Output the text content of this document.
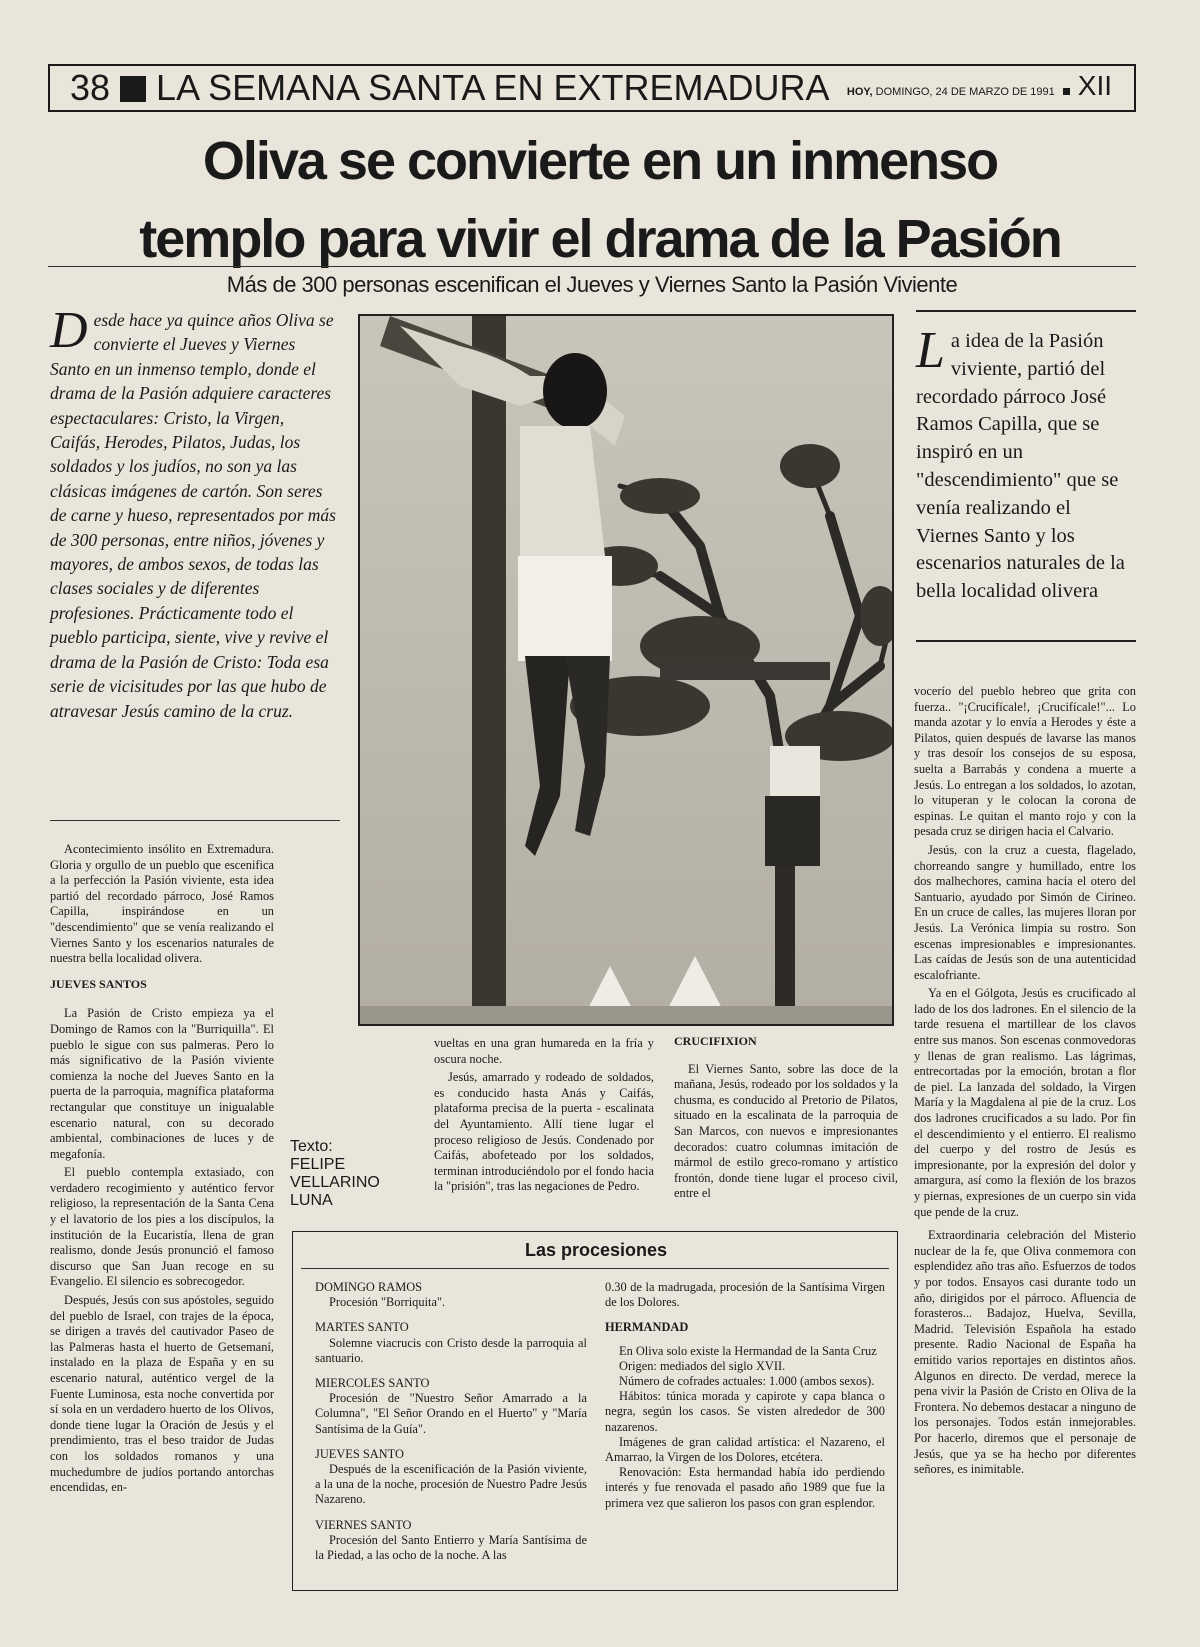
38 LA SEMANA SANTA EN EXTREMADURA HOY, DOMINGO, 24 DE MARZO DE 1991 XII
Oliva se convierte en un inmenso
templo para vivir el drama de la Pasión
Más de 300 personas escenifican el Jueves y Viernes Santo la Pasión Viviente
Desde hace ya quince años Oliva se convierte el Jueves y Viernes Santo en un inmenso templo, donde el drama de la Pasión adquiere caracteres espectaculares: Cristo, la Virgen, Caifás, Herodes, Pilatos, Judas, los soldados y los judíos, no son ya las clásicas imágenes de cartón. Son seres de carne y hueso, representados por más de 300 personas, entre niños, jóvenes y mayores, de ambos sexos, de todas las clases sociales y de diferentes profesiones. Prácticamente todo el pueblo participa, siente, vive y revive el drama de la Pasión de Cristo: Toda esa serie de vicisitudes por las que hubo de atravesar Jesús camino de la cruz.
La idea de la Pasión viviente, partió del recordado párroco José Ramos Capilla, que se inspiró en un "descendimiento" que se venía realizando el Viernes Santo y los escenarios naturales de la bella localidad olivera

Acontecimiento insólito en Extremadura. Gloria y orgullo de un pueblo que escenifica a la perfección la Pasión viviente, esta idea partió del recordado párroco, José Ramos Capilla, inspirándose en un "descendimiento" que se venía realizando el Viernes Santo y los escenarios naturales de nuestra bella localidad olivera.

JUEVES SANTOS

La Pasión de Cristo empieza ya el Domingo de Ramos con la "Burriquilla". El pueblo le sigue con sus palmeras. Pero lo más significativo de la Pasión viviente comienza la noche del Jueves Santo en la puerta de la parroquia, magnífica plataforma rectangular que constituye un inigualable escenario natural, con su decorado ambiental, combinaciones de luces y de megafonía.

El pueblo contempla extasiado, con verdadero recogimiento y auténtico fervor religioso, la representación de la Santa Cena y el lavatorio de los pies a los discípulos, la institución de la Eucaristía, llena de gran realismo, donde Jesús pronunció el famoso discurso que San Juan recoge en su Evangelio. El silencio es sobrecogedor.

Después, Jesús con sus apóstoles, seguido del pueblo de Israel, con trajes de la época, se dirigen a través del cautivador Paseo de las Palmeras hasta el huerto de Getsemaní, instalado en la plaza de España y en su escenario natural, auténtico vergel de la Fuente Luminosa, esta noche convertida por sí sola en un verdadero huerto de los Olivos, donde tiene lugar la Oración de Jesús y el prendimiento, tras el beso traidor de Judas con los soldados romanos y una muchedumbre de judíos portando antorchas encendidas, en-

Texto:
FELIPE
VELLARINO
LUNA

vueltas en una gran humareda en la fría y oscura noche.

Jesús, amarrado y rodeado de soldados, es conducido hasta Anás y Caifás, plataforma precisa de la puerta - escalinata del Ayuntamiento. Allí tiene lugar el proceso religioso de Jesús. Condenado por Caifás, abofeteado por los soldados, terminan introduciéndolo por el fondo hacia la "prisión", tras las negaciones de Pedro.

CRUCIFIXION

El Viernes Santo, sobre las doce de la mañana, Jesús, rodeado por los soldados y la chusma, es conducido al Pretorio de Pilatos, situado en la escalinata de la parroquia de San Marcos, con nuevos e impresionantes decorados: cuatro columnas imitación de mármol de estilo greco-romano y artístico frontón, donde tiene lugar el proceso civil, entre el

vocerío del pueblo hebreo que grita con fuerza.. "¡Crucifícale!, ¡Crucifícale!"... Lo manda azotar y lo envía a Herodes y éste a Pilatos, quien después de lavarse las manos y tras desoír los consejos de su esposa, suelta a Barrabás y condena a muerte a Jesús. Lo entregan a los soldados, lo azotan, lo vituperan y le colocan la corona de espinas. Le quitan el manto rojo y con la pesada cruz se dirigen hacia el Calvario.

Jesús, con la cruz a cuesta, flagelado, chorreando sangre y humillado, entre los dos malhechores, camina hacia el otero del Santuario, ayudado por Simón de Cirineo. En un cruce de calles, las mujeres lloran por Jesús. La Verónica limpia su rostro. Son escenas impresionables e impresionantes. Las caídas de Jesús son de una autenticidad escalofriante.

Ya en el Gólgota, Jesús es crucificado al lado de los dos ladrones. En el silencio de la tarde resuena el martillear de los clavos entre sus manos. Son escenas conmovedoras y llenas de gran realismo. Las lágrimas, entrecortadas por la emoción, brotan a flor de piel. La lanzada del soldado, la Virgen María y la Magdalena al pie de la cruz. Los dos ladrones crucificados a su lado. Por fin el descendimiento y el entierro. El realismo del cuerpo y del rostro de Jesús es impresionante, por la expresión del dolor y amargura, así como la flexión de los brazos y piernas, expresiones de un cuerpo sin vida que pende de la cruz.

Extraordinaria celebración del Misterio nuclear de la fe, que Oliva conmemora con esplendidez año tras año. Esfuerzos de todos y por todos. Ensayos casi durante todo un año, dirigidos por el párroco. Afluencia de forasteros... Badajoz, Huelva, Sevilla, Madrid. Televisión Española ha estado presente. Radio Nacional de España ha emitido varios reportajes en distintos años. Algunos en directo. De verdad, merece la pena vivir la Pasión de Cristo en Oliva de la Frontera. No debemos destacar a ninguno de los personajes. Todos están inmejorables. Por hacerlo, diremos que el personaje de Jesús, que ya se ha hecho por diferentes señores, es inimitable.

Las procesiones
DOMINGO RAMOS

Procesión "Borriquita".

MARTES SANTO

Solemne viacrucis con Cristo desde la parroquia al santuario.

MIERCOLES SANTO

Procesión de "Nuestro Señor Amarrado a la Columna", "El Señor Orando en el Huerto" y "María Santísima de la Guía".

JUEVES SANTO

Después de la escenificación de la Pasión viviente, a la una de la noche, procesión de Nuestro Padre Jesús Nazareno.

VIERNES SANTO

Procesión del Santo Entierro y María Santísima de la Piedad, a las ocho de la noche. A las

0.30 de la madrugada, procesión de la Santísima Virgen de los Dolores.

HERMANDAD

En Oliva solo existe la Hermandad de la Santa Cruz

Origen: mediados del siglo XVII.

Número de cofrades actuales: 1.000 (ambos sexos).

Hábitos: túnica morada y capirote y capa blanca o negra, según los casos. Se visten alrededor de 300 nazarenos.

Imágenes de gran calidad artística: el Nazareno, el Amarrao, la Virgen de los Dolores, etcétera.

Renovación: Esta hermandad había ido perdiendo interés y fue renovada el pasado año 1989 que fue la primera vez que salieron los pasos con gran esplendor.
